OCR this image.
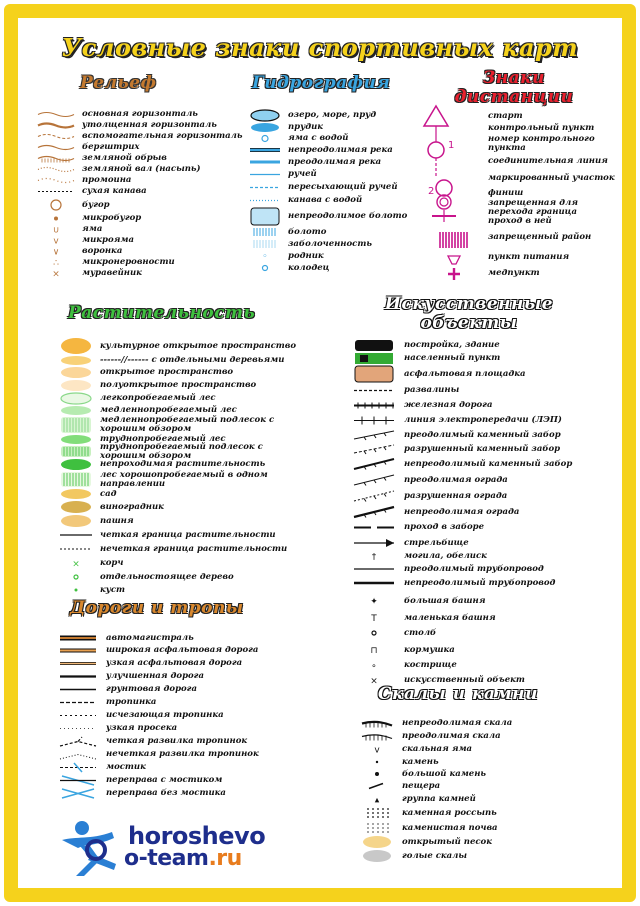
Условные знаки спортивных карт
Рельеф
основная горизонталь
утолщенная горизонталь
вспомогательная горизонталь
бергштрих
земляной обрыв
земляной вал (насыпь)
промоина
сухая канава
бугор
микробугор
∪	яма
v	микрояма
∨	воронка
∴	микронеровности
×	муравейник
Гидрография
озеро, море, пруд
прудик
яма с водой
непреодолимая река
преодолимая река
ручей
пересыхающий ручей
канава с водой
непреодолимое болото
болото
заболоченность
◦ родник
колодец
Знаки
дистанции
1
2
старт
контрольный пункт
номер контрольного пункта
соединительная линия
маркированный участок
финиш
запрещенная для перехода граница проход в ней
запрещенный район
пункт питания
медпункт
Растительность
культурное открытое пространство
------//------ с отдельными деревьями
открытое пространство
полуоткрытое пространство
легкопробегаемый лес
медленнопробегаемый лес
медленнопробегаемый подлесок с хорошим обзором
труднопробегаемый лес
труднопробегаемый подлесок с хорошим обзором
непроходимая растительность
лес хорошопробегаемый в одном направлении
сад
виноградник
пашня
четкая граница растительности
нечеткая граница растительности
× корч
отдельностоящее дерево
куст
Искусственные
объекты
постройка, здание
населенный пункт
асфальтовая площадка
развалины
железная дорога
линия электропередачи (ЛЭП)
преодолимый каменный забор
разрушенный каменный забор
непреодолимый каменный забор
преодолимая ограда
разрушенная ограда
непреодолимая ограда
проход в заборе
стрельбище
†	могила, обелиск
преодолимый трубопровод
непреодолимый трубопровод
✦	большая башня
T	маленькая башня
столб
⊓	кормушка
∘	кострище
×	искусственный объект
Дороги и тропы
автомагистраль
широкая асфальтовая дорога
узкая асфальтовая дорога
улучшенная дорога
грунтовая дорога
тропинка
исчезающая тропинка
узкая просека
четкая развилка тропинок
нечеткая развилка тропинок
мостик
переправа с мостиком
переправа без мостика
Скалы и камни
непреодолимая скала
преодолимая скала
v	скальная яма
камень
большой камень
пещера
▴	группа камней
каменная россыпь
каменистая почва
открытый песок
голые скалы
horoshevo
o-team.ru
